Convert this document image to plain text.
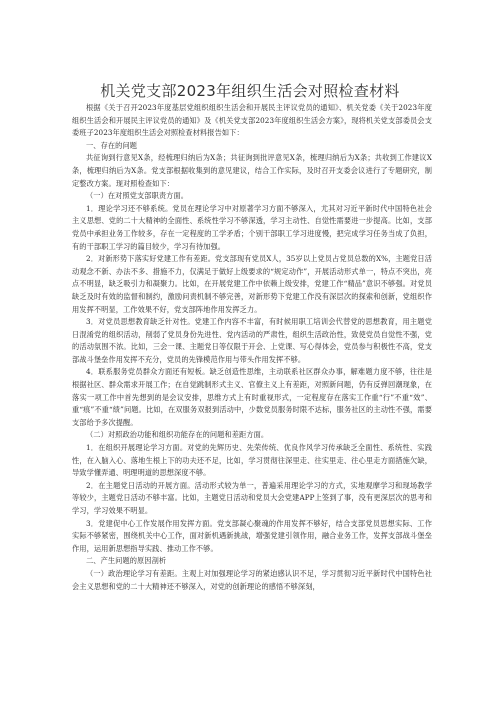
机关党支部2023年组织生活会对照检查材料

根据《关于召开2023年度基层党组织组织生活会和开展民主评议党员的通知》、机关党委《关于2023年度组织生活会和开展民主评议党员的通知》及《机关党支部2023年度组织生活会方案》，现将机关党支部委员会支委班子2023年度组织生活会对照检查材料报告如下：

一、存在的问题

共征询到行意见X条，经梳理归纳后为X条；共征询到批评意见X条，梳理归纳后为X条；共收到工作建议X条，梳理归纳后为X条。党支部根据收集到的意见建议，结合工作实际，及时召开支委会议进行了专题研究，制定整改方案。现对照检查如下：

（一）在对照党支部职责方面。

1．理论学习还不够系统。党员在理论学习中对原著学习方面不够深入，尤其对习近平新时代中国特色社会主义思想、党的二十大精神的全面性、系统性学习不够深透，学习主动性、自觉性需要进一步提高。比如，支部党员中承担业务工作较多，存在一定程度的工学矛盾；个别干部职工学习进度慢，把完成学习任务当成了负担，有的干部职工学习的篇目较少，学习有待加强。

2．对新形势下落实好党建工作有差距。党支部现有党员X人，35岁以上党员占党员总数的X%，主题党日活动观念不新、办法不多、措施不力，仅满足于做好上级要求的“规定动作”，开展活动形式单一，特点不突出，亮点不明显，缺乏吸引力和凝聚力。比如，在开展党建工作中依赖上级安排，党建工作“精品”意识不够强。对党员缺乏及时有效的监督和制约，激励问责机制不够完善，对新形势下党建工作没有深层次的探索和创新，党组织作用发挥不明显，工作效果不好，党支部阵地作用发挥乏力。

3．对党员思想教育缺乏针对性。党建工作内容不丰富，有时候用职工培训会代替党的思想教育，用主题党日混淆党的组织活动，削弱了党员身份先进性、党内活动的严肃性，组织生活政治性，致使党员自觉性不强，党的活动氛围不浓。比如，三会一课、主题党日等仅限于开会、上党课、写心得体会，党员参与积极性不高，党支部战斗堡垒作用发挥不充分，党员的先锋模范作用与带头作用发挥不够。

4．联系服务党员群众方面还有短板。缺乏创造性思维，主动联系社区群众办事，解难题力度不够，往往是根据社区、群众需求开展工作；在自觉跳制形式主义、官僚主义上有差距，对照新问题，仍有反弹回潮现象，在落实一项工作中首先想到的是会议安排，思维方式上有时重视形式，一定程度存在落实工作重“行”不重“效”、重“痕”不重“绩”问题。比如，在双服务双报到活动中，少数党员服务时限不达标，服务社区的主动性不强，需要支部给予多次提醒。

（二）对照政治功能和组织功能存在的问题和差距方面。

1．在组织开展理论学习方面。对党的先辉历史、先荣传统、优良作风学习传承缺乏全面性、系统性、实践性，在入脑入心、落地生根上下的功夫还不足，比如，学习贯彻往深里走、往实里走、往心里走方面措施欠缺，导致学懂弄通、明理明道的思想深度不够。

2．在主题党日活动的开展方面。活动形式较为单一，普遍采用理论学习的方式，实地观摩学习和现场教学等较少，主题党日活动不够丰富。比如，主题党日活动和党员大会党建APP上签到了事，没有更深层次的思考和学习，学习效果不明显。

3．党建促中心工作发展作用发挥方面。党支部凝心聚魂的作用发挥不够好，结合支部党员思想实际、工作实际不够紧密，围绕机关中心工作，面对新机遇新挑战，增强党建引领作用，融合业务工作，发挥支部战斗堡垒作用，运用新思想指导实践、推动工作不够。

二、产生问题的原因剖析

（一）政治理论学习有差距。主观上对加强理论学习的紧迫感认识不足，学习贯彻习近平新时代中国特色社会主义思想和党的二十大精神还不够深入，对党的创新理论的感悟不够深刻，
